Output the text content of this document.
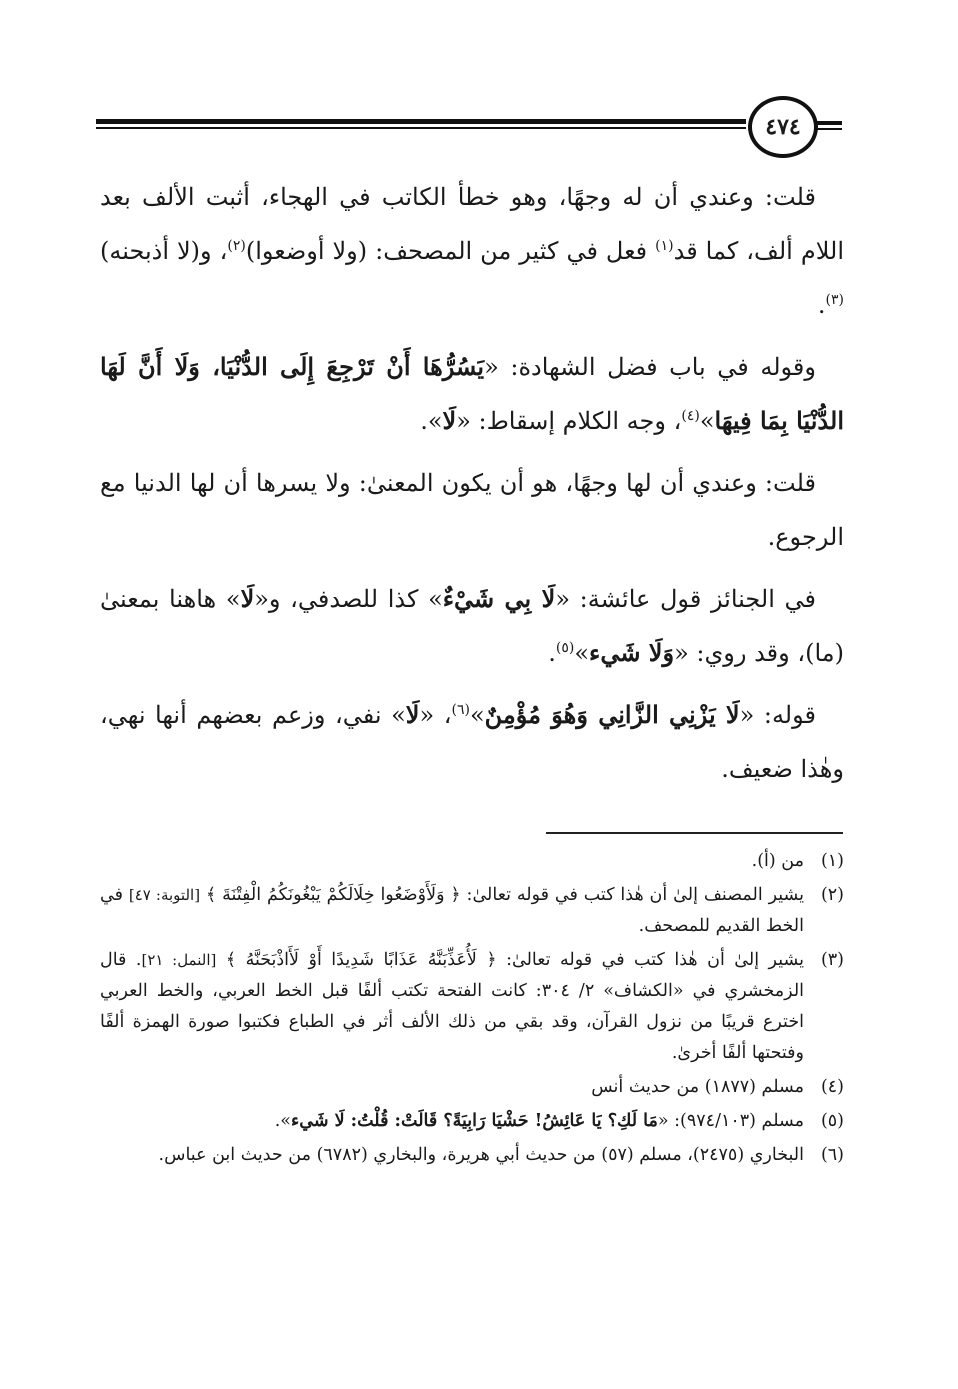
٤٧٤

قلت: وعندي أن له وجهًا، وهو خطأ الكاتب في الهجاء، أثبت الألف بعد اللام ألف، كما قد$^{(١)}$ فعل في كثير من المصحف: (ولا أوضعوا)$^{(٢)}$، و(لا أذبحنه)$^{(٣)}$.

وقوله في باب فضل الشهادة: «يَسُرُّهَا أَنْ تَرْجِعَ إِلَى الدُّنْيَا، وَلَا أَنَّ لَهَا الدُّنْيَا بِمَا فِيهَا»$^{(٤)}$، وجه الكلام إسقاط: «لَا».

قلت: وعندي أن لها وجهًا، هو أن يكون المعنىٰ: ولا يسرها أن لها الدنيا مع الرجوع.

في الجنائز قول عائشة: «لَا بِي شَيْءٌ» كذا للصدفي، و«لَا» هاهنا بمعنىٰ (ما)، وقد روي: «وَلَا شَيء»$^{(٥)}$.

قوله: «لَا يَزْنِي الزَّانِي وَهُوَ مُؤْمِنٌ»$^{(٦)}$، «لَا» نفي، وزعم بعضهم أنها نهي، وهٰذا ضعيف.

(١)
من (أ).
(٢)
يشير المصنف إلىٰ أن هٰذا كتب في قوله تعالىٰ: ﴿ وَلَأَوْضَعُوا خِلَالَكُمْ يَبْغُونَكُمُ الْفِتْنَةَ ﴾ [التوبة: ٤٧] في الخط القديم للمصحف.
(٣)
يشير إلىٰ أن هٰذا كتب في قوله تعالىٰ: ﴿ لَأُعَذِّبَنَّهُ عَذَابًا شَدِيدًا أَوْ لَأَاذْبَحَنَّهُ ﴾ [النمل: ٢١]. قال الزمخشري في «الكشاف» ٢/ ٣٠٤: كانت الفتحة تكتب ألفًا قبل الخط العربي، والخط العربي اخترع قريبًا من نزول القرآن، وقد بقي من ذلك الألف أثر في الطباع فكتبوا صورة الهمزة ألفًا وفتحتها ألفًا أخرىٰ.
(٤)
مسلم (١٨٧٧) من حديث أنس
(٥)
مسلم (٩٧٤/١٠٣): «مَا لَكِ؟ يَا عَائِشُ! حَشْيَا رَابِيَةً؟ قَالَتْ: قُلْتُ: لَا شَيء».
(٦)
البخاري (٢٤٧٥)، مسلم (٥٧) من حديث أبي هريرة، والبخاري (٦٧٨٢) من حديث ابن عباس.
